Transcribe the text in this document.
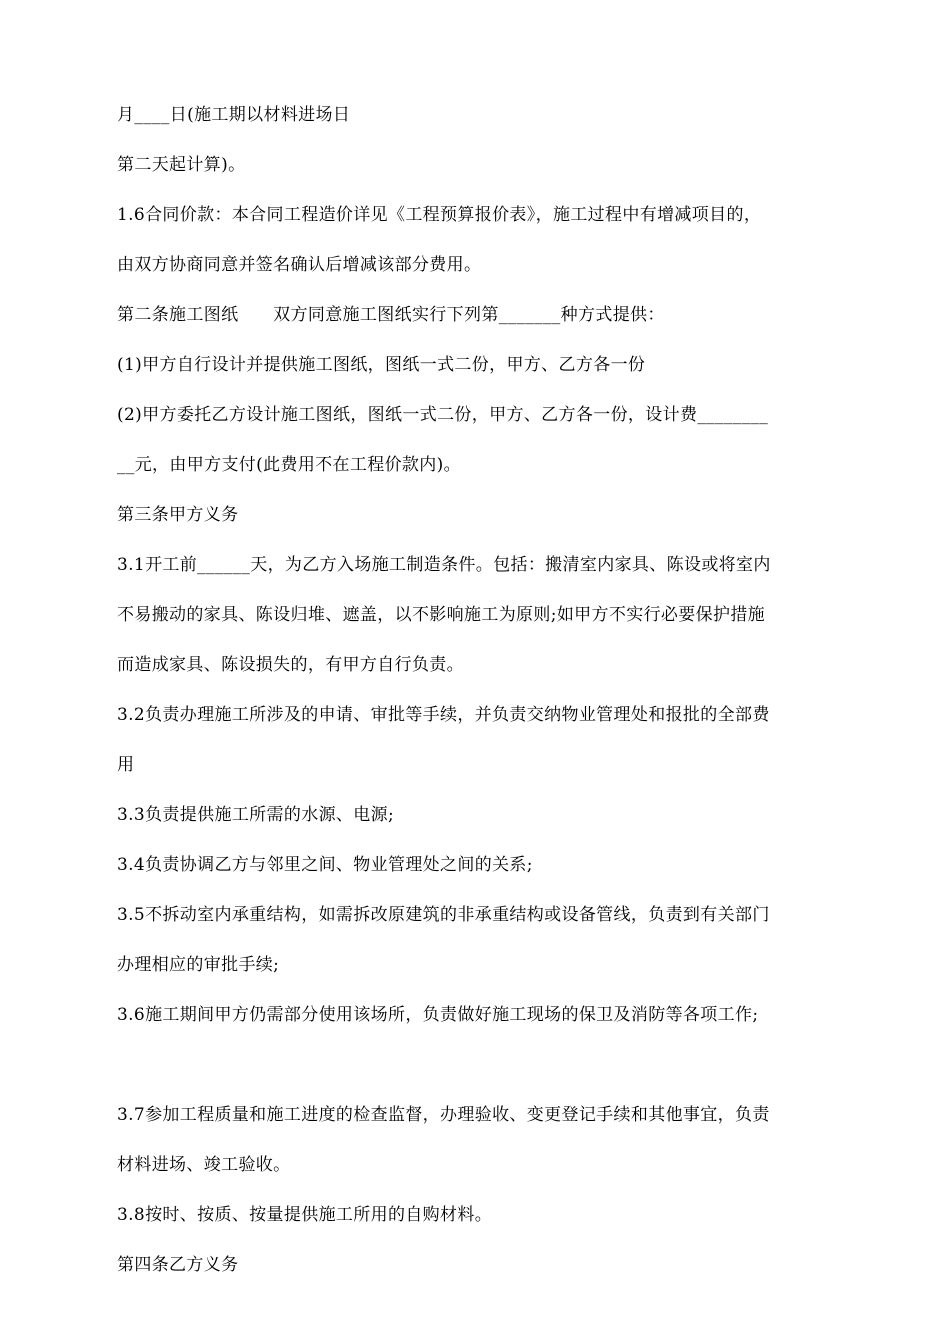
月____日(施工期以材料进场日
第二天起计算)。
1.6合同价款：本合同工程造价详见《工程预算报价表》，施工过程中有增减项目的，
由双方协商同意并签名确认后增减该部分费用。
第二条施工图纸　　双方同意施工图纸实行下列第_______种方式提供：
(1)甲方自行设计并提供施工图纸，图纸一式二份，甲方、乙方各一份
(2)甲方委托乙方设计施工图纸，图纸一式二份，甲方、乙方各一份，设计费________
__元，由甲方支付(此费用不在工程价款内)。
第三条甲方义务
3.1开工前______天，为乙方入场施工制造条件。包括：搬清室内家具、陈设或将室内
不易搬动的家具、陈设归堆、遮盖，以不影响施工为原则;如甲方不实行必要保护措施
而造成家具、陈设损失的，有甲方自行负责。
3.2负责办理施工所涉及的申请、审批等手续，并负责交纳物业管理处和报批的全部费
用
3.3负责提供施工所需的水源、电源;
3.4负责协调乙方与邻里之间、物业管理处之间的关系;
3.5不拆动室内承重结构，如需拆改原建筑的非承重结构或设备管线，负责到有关部门
办理相应的审批手续;
3.6施工期间甲方仍需部分使用该场所，负责做好施工现场的保卫及消防等各项工作;
3.7参加工程质量和施工进度的检查监督，办理验收、变更登记手续和其他事宜，负责
材料进场、竣工验收。
3.8按时、按质、按量提供施工所用的自购材料。
第四条乙方义务
